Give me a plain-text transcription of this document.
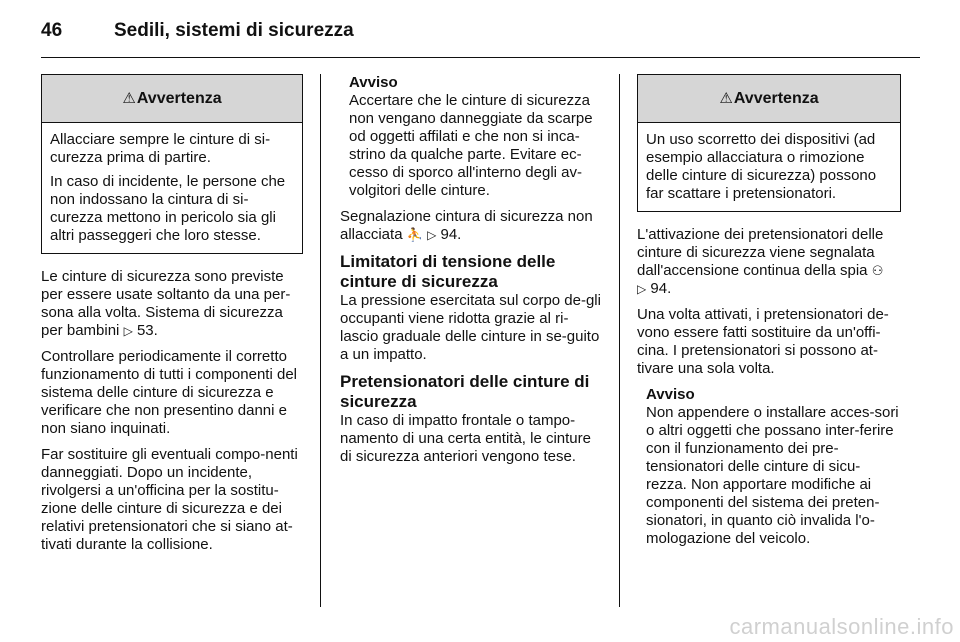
46	Sedili, sistemi di sicurezza
⚠ Avvertenza

Allacciare sempre le cinture di si-curezza prima di partire.

In caso di incidente, le persone che non indossano la cintura di si-curezza mettono in pericolo sia gli altri passeggeri che loro stesse.

Le cinture di sicurezza sono previste per essere usate soltanto da una per-sona alla volta. Sistema di sicurezza per bambini ▷ 53.

Controllare periodicamente il corretto funzionamento di tutti i componenti del sistema delle cinture di sicurezza e verificare che non presentino danni e non siano inquinati.

Far sostituire gli eventuali compo-nenti danneggiati. Dopo un incidente, rivolgersi a un'officina per la sostitu-zione delle cinture di sicurezza e dei relativi pretensionatori che si siano at-tivati durante la collisione.

Avviso
Accertare che le cinture di sicurezza non vengano danneggiate da scarpe od oggetti affilati e che non si inca-strino da qualche parte. Evitare ec-cesso di sporco all'interno degli av-volgitori delle cinture.

Segnalazione cintura di sicurezza non allacciata ⛹ ▷ 94.

Limitatori di tensione delle cinture di sicurezza

La pressione esercitata sul corpo de-gli occupanti viene ridotta grazie al ri-lascio graduale delle cinture in se-guito a un impatto.

Pretensionatori delle cinture di sicurezza

In caso di impatto frontale o tampo-namento di una certa entità, le cinture di sicurezza anteriori vengono tese.

⚠ Avvertenza

Un uso scorretto dei dispositivi (ad esempio allacciatura o rimozione delle cinture di sicurezza) possono far scattare i pretensionatori.

L'attivazione dei pretensionatori delle cinture di sicurezza viene segnalata dall'accensione continua della spia ⚇
▷ 94.

Una volta attivati, i pretensionatori de-vono essere fatti sostituire da un'offi-cina. I pretensionatori si possono at-tivare una sola volta.

Avviso
Non appendere o installare acces-sori o altri oggetti che possano inter-ferire con il funzionamento dei pre-tensionatori delle cinture di sicu-rezza. Non apportare modifiche ai componenti del sistema dei preten-sionatori, in quanto ciò invalida l'o-mologazione del veicolo.
carmanualsonline.info
